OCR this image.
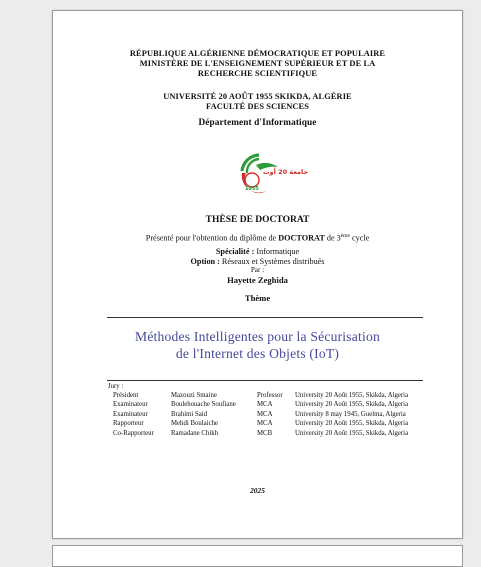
RÉPUBLIQUE ALGÉRIENNE DÉMOCRATIQUE ET POPULAIRE
MINISTÈRE DE L'ENSEIGNEMENT SUPÉRIEUR ET DE LA
RECHERCHE SCIENTIFIQUE
UNIVERSITÉ 20 AOÛT 1955 SKIKDA, ALGÉRIE
FACULTÉ DES SCIENCES
Département d'Informatique
جامعة 20 أوت
1955
THÈSE DE DOCTORAT
Présenté pour l'obtention du diplôme de DOCTORAT de 3ème cycle
Spécialité : Informatique
Option : Réseaux et Systèmes distribués
Par :
Hayette Zeghida
Thème
Méthodes Intelligentes pour la Sécurisation
de l'Internet des Objets (IoT)
Jury :
Président	Mazouzi Smaine	Professor	University 20 Août 1955, Skikda, Algeria
Examinateur	Boulehouache Soufiane	MCA	University 20 Août 1955, Skikda, Algeria
Examinateur	Brahimi Said	MCA	University 8 may 1945, Guelma, Algeria
Rapporteur	Mehdi Boulaiche	MCA	University 20 Août 1955, Skikda, Algeria
Co-Rapporteur	Ramadane Chikh	MCB	University 20 Août 1955, Skikda, Algeria
2025
